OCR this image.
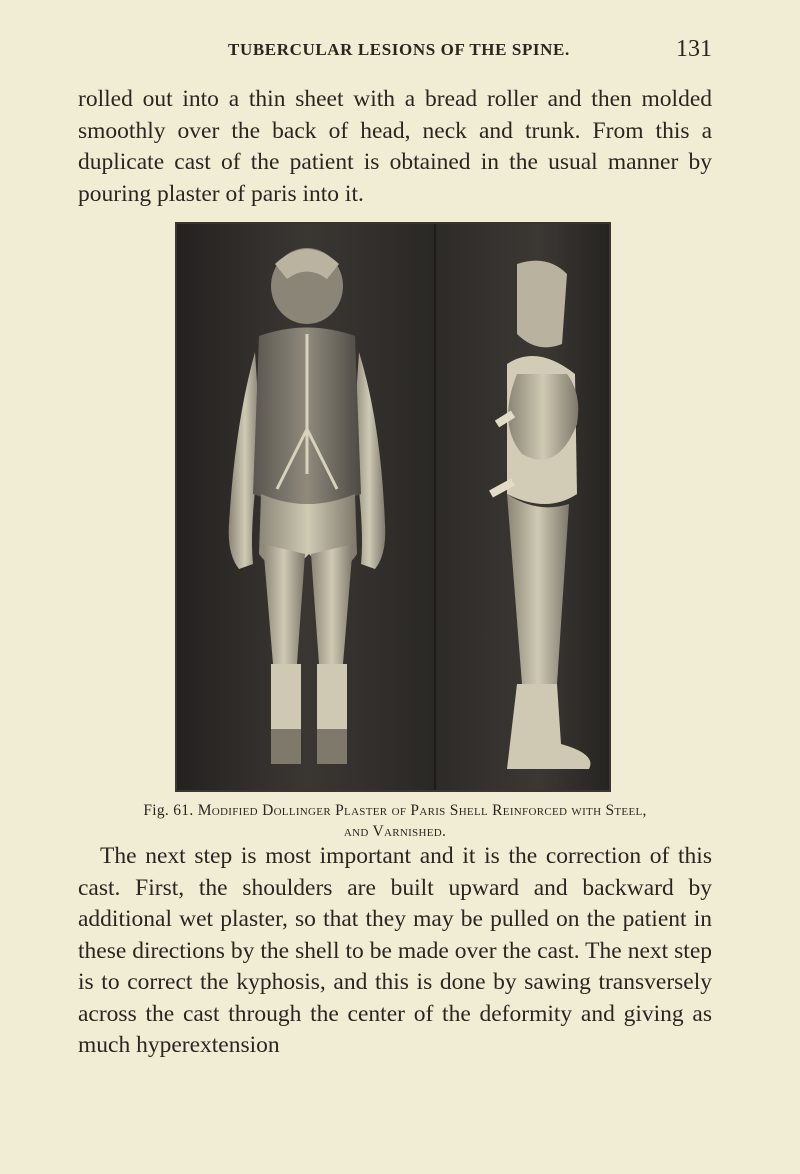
TUBERCULAR LESIONS OF THE SPINE.	131

rolled out into a thin sheet with a bread roller and then molded smoothly over the back of head, neck and trunk. From this a duplicate cast of the patient is obtained in the usual manner by pouring plaster of paris into it.

Fig. 61. Modified Dollinger Plaster of Paris Shell Reinforced with Steel,
and Varnished.

The next step is most important and it is the correction of this cast. First, the shoulders are built upward and backward by additional wet plaster, so that they may be pulled on the patient in these directions by the shell to be made over the cast. The next step is to correct the kyphosis, and this is done by sawing transversely across the cast through the center of the deformity and giving as much hyperextension
